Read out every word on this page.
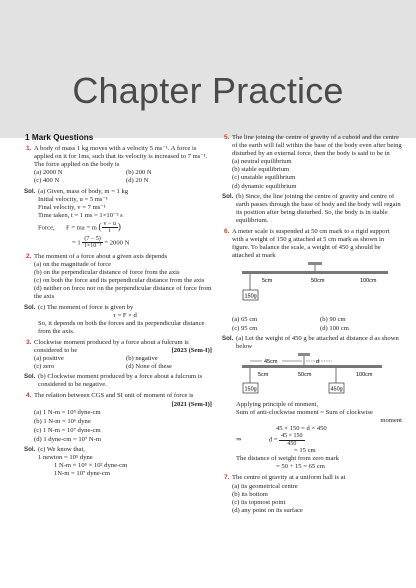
Chapter Practice
1 Mark Questions
1. A body of mass 1 kg moves with a velocity 5 ms⁻¹. A force is applied on it for 1ms, such that its velocity is increased to 7 ms⁻¹. The force applied on the body is
(a) 2000 N	(b) 200 N
(c) 400 N	(d) 20 N
Sol. (a) Given, mass of body, m = 1 kg
Initial velocity, u = 5 ms⁻¹
Final velocity, v = 7 ms⁻¹
Time taken, t = 1 ms = 1×10⁻³ s
Force, F = ma = m ( $\frac{v - u}{t}$ )
= $1 \frac{(7 - 5)}{\text{1×10⁻³}} = 2000$ N
2. The moment of a force about a given axis depends
(a) on the magnitude of force
(b) on the perpendicular distance of force from the axis
(c) on both the force and its perpendicular distance from the axis
(d) neither on force nor on the perpendicular distance of force from the axis
Sol. (c) The moment of force is given by
τ = F × d
So, it depends on both the forces and its perpendicular distance from the axis.
3. Clockwise moment produced by a force about a fulcrum is considered to be	[2023 (Sem-I)]
(a) positive	(b) negative
(c) zero	(d) None of these
Sol. (b) Clockwise moment produced by a force about a fulcrum is considered to be negative.
4. The relation between CGS and SI unit of moment of force is
[2021 (Sem-I)]
(a) 1 N-m = 10⁵ dyne-cm
(b) 1 N-m = 10⁶ dyne
(c) 1 N-m = 10⁷ dyne-cm
(d) 1 dyne-cm = 10⁷ N-m
Sol. (c) We know that,
1 newton = 10⁵ dyne
1 N-m = 10⁵ × 10² dyne-cm
1N-m = 10⁷ dyne-cm
5. The line joining the centre of gravity of a cuboid and the centre of the earth will fall within the base of the body even after being disturbed by an external force, then the body is said to be in
(a) neutral equilibrium
(b) stable equilibrium
(c) unstable equilibrium
(d) dynamic equilibrium
Sol. (b) Since, the line joining the centre of gravity and centre of earth passes through the base of body and the body will regain its position after being disturbed. So, the body is in stable equilibrium.
6. A meter scale is suspended at 50 cm mark to a rigid support with a weight of 150 g attached at 5 cm mark as shown in figure. To balance the scale, a weight of 450 g should be attached at mark
5cm	50cm	100cm
150g
(a) 65 cm	(b) 90 cm
(c) 95 cm	(d) 100 cm
Sol. (a) Let the weight of 450 g be attached at distance d as shown below
45cm	d
5cm	50cm	100cm
150g	450g
Applying principle of moment,
Sum of anti-clockwise moment = Sum of clockwise
moment
45 × 150 = d × 450
⇒	$d = \frac{45 \times 150}{450}$
= 15 cm
The distance of weight from zero mark
= 50 + 15 = 65 cm
7. The centre of gravity at a uniform ball is at
(a) its geometrical centre
(b) its bottom
(c) its topmost point
(d) any point on its surface
